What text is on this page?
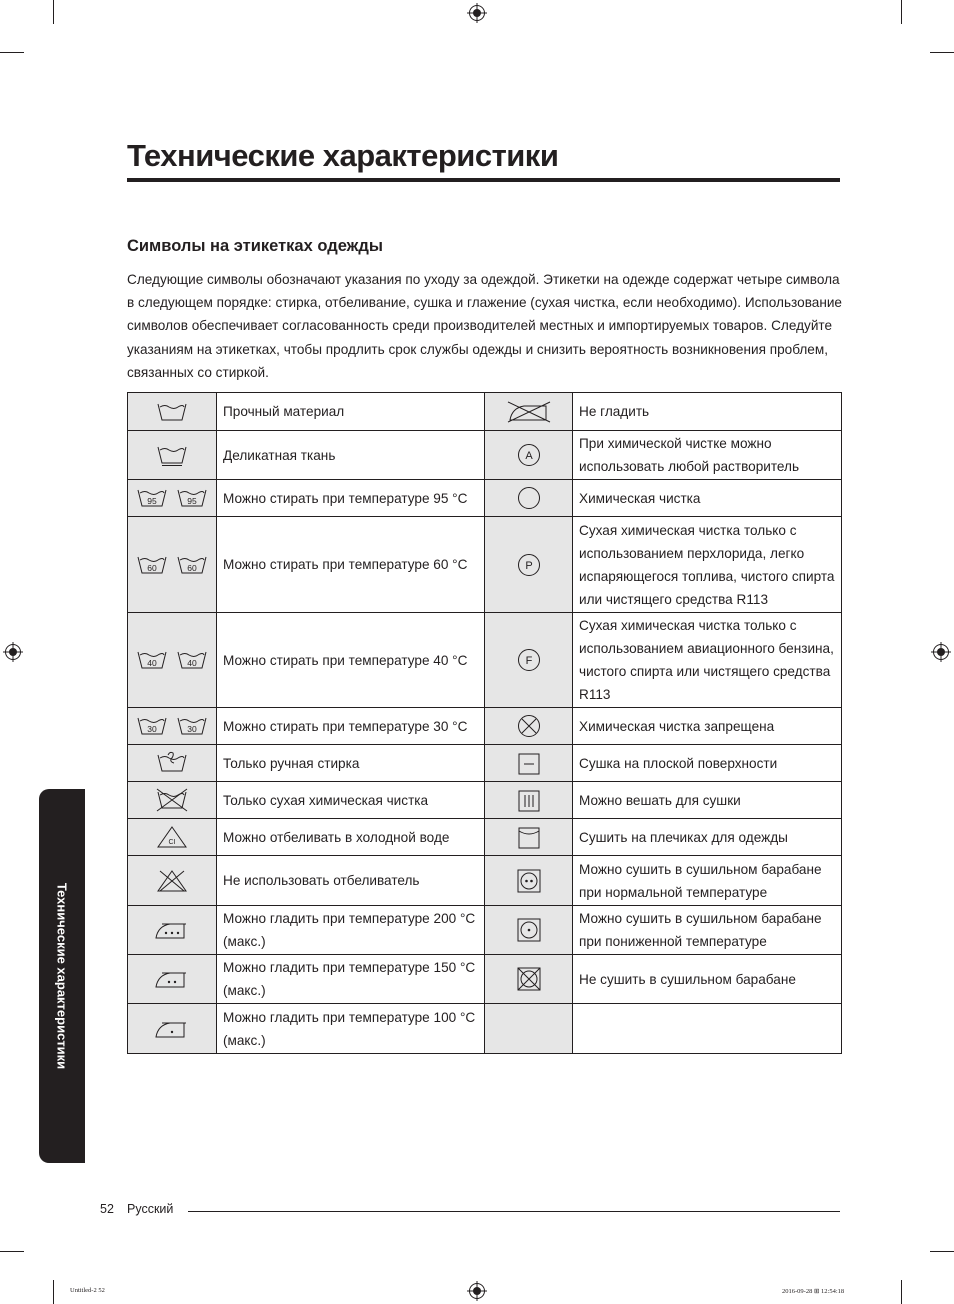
Технические характеристики
Символы на этикетках одежды

Следующие символы обозначают указания по уходу за одеждой. Этикетки на одежде содержат четыре символа в следующем порядке: стирка, отбеливание, сушка и глажение (сухая чистка, если необходимо). Использование символов обеспечивает согласованность среди производителей местных и импортируемых товаров. Следуйте указаниям на этикетках, чтобы продлить срок службы одежды и снизить вероятность возникновения проблем, связанных со стиркой.

	Прочный материал		Не гладить
	Деликатная ткань	A	При химической чистке можно использовать любой растворитель

95 95	Можно стирать при температуре 95 °C		Химическая чистка

60 60	Можно стирать при температуре 60 °C	P	Сухая химическая чистка только с использованием перхлорида, легко испаряющегося топлива, чистого спирта или чистящего средства R113

40 40	Можно стирать при температуре 40 °C	F	Сухая химическая чистка только с использованием авиационного бензина, чистого спирта или чистящего средства R113

30 30	Можно стирать при температуре 30 °C		Химическая чистка запрещена
	Только ручная стирка		Сушка на плоской поверхности
	Только сухая химическая чистка		Можно вешать для сушки

CI	Можно отбеливать в холодной воде		Сушить на плечиках для одежды
	Не использовать отбеливатель		Можно сушить в сушильном барабане при нормальной температуре
	Можно гладить при температуре 200 °C (макс.)		Можно сушить в сушильном барабане при пониженной температуре
	Можно гладить при температуре 150 °C (макс.)		Не сушить в сушильном барабане
	Можно гладить при температуре 100 °C (макс.)		
Технические характеристики
52 Русский
Untitled-2 52	2016-09-28 ⊞ 12:54:18
